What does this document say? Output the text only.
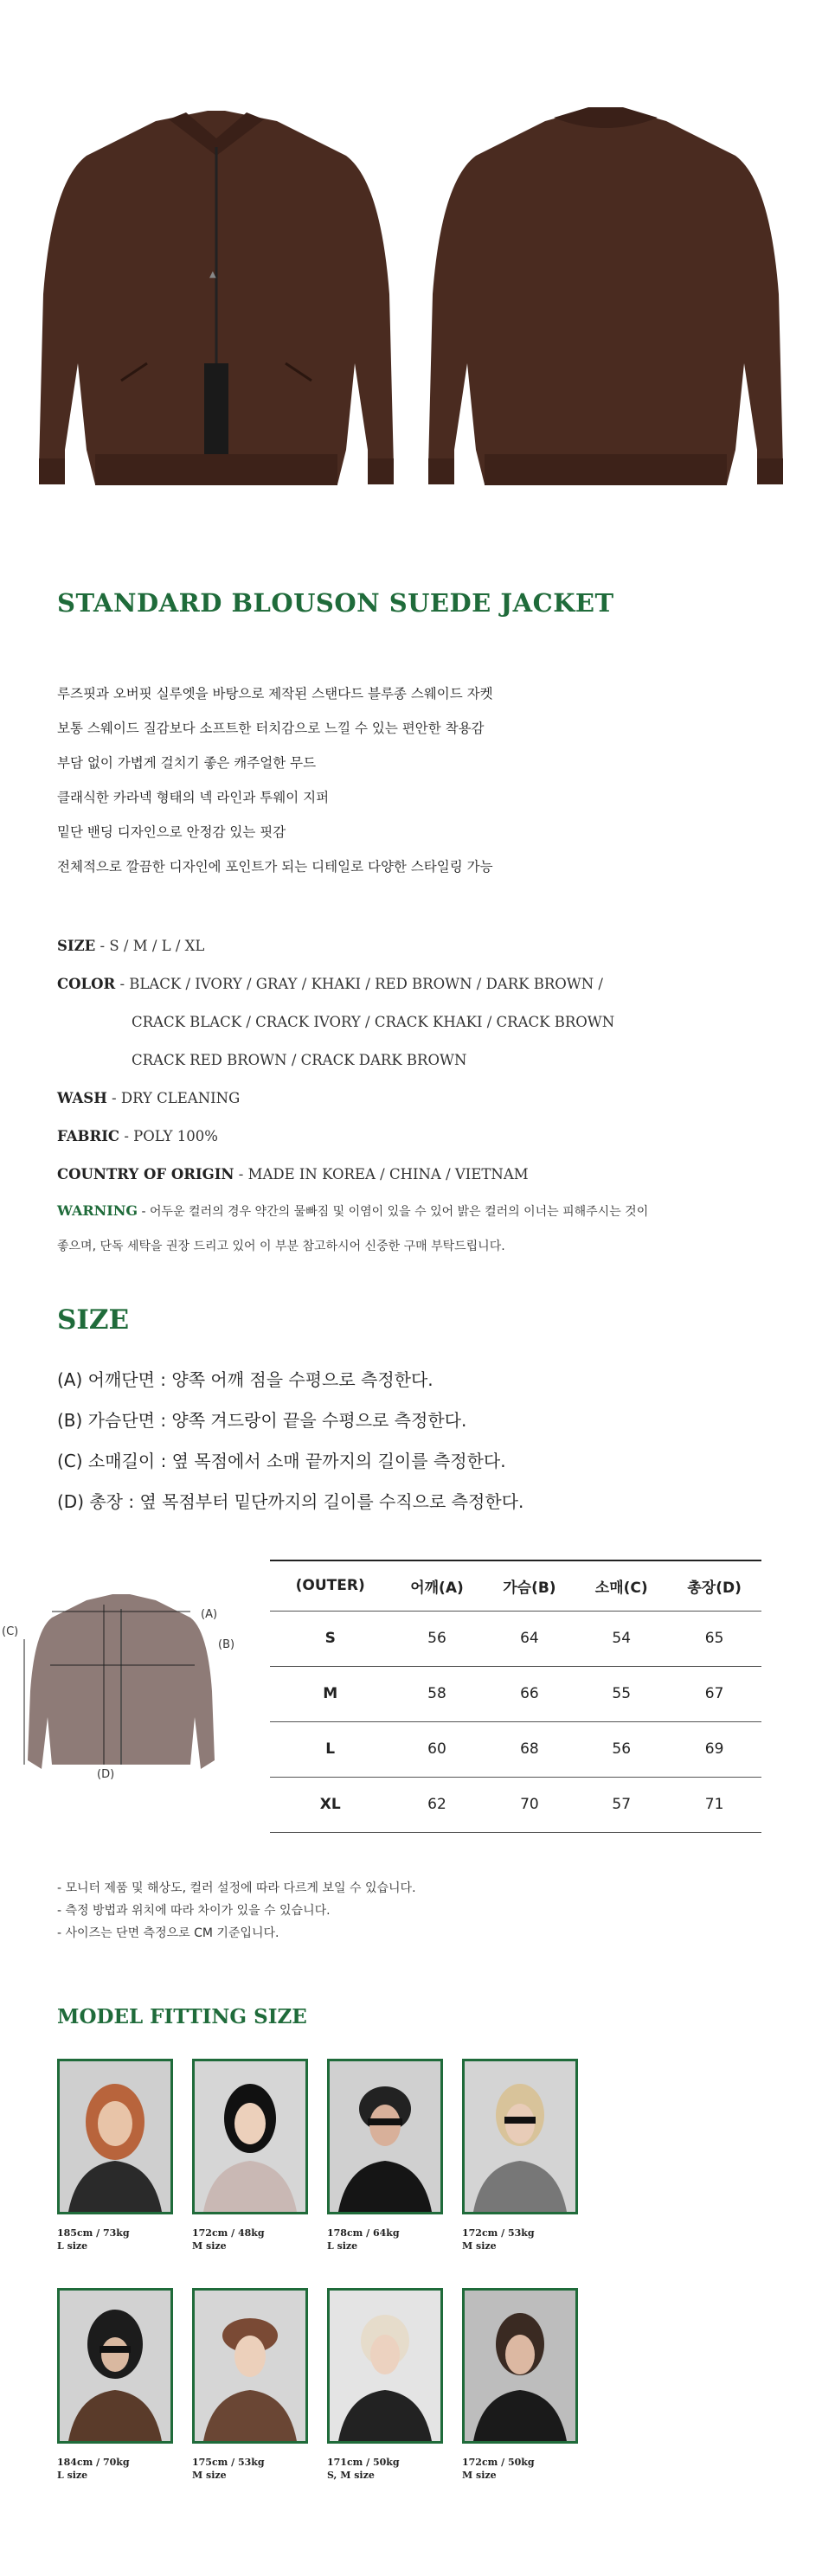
▲
STANDARD BLOUSON SUEDE JACKET
루즈핏과 오버핏 실루엣을 바탕으로 제작된 스탠다드 블루종 스웨이드 자켓
보통 스웨이드 질감보다 소프트한 터치감으로 느낄 수 있는 편안한 착용감
부담 없이 가볍게 걸치기 좋은 캐주얼한 무드
클래식한 카라넥 형태의 넥 라인과 투웨이 지퍼
밑단 밴딩 디자인으로 안정감 있는 핏감
전체적으로 깔끔한 디자인에 포인트가 되는 디테일로 다양한 스타일링 가능
SIZE - S / M / L / XL
COLOR - BLACK / IVORY / GRAY / KHAKI / RED BROWN / DARK BROWN /
CRACK BLACK / CRACK IVORY / CRACK KHAKI / CRACK BROWN
CRACK RED BROWN / CRACK DARK BROWN
WASH - DRY CLEANING
FABRIC - POLY 100%
COUNTRY OF ORIGIN - MADE IN KOREA / CHINA / VIETNAM
WARNING - 어두운 컬러의 경우 약간의 물빠짐 및 이염이 있을 수 있어 밝은 컬러의 이너는 피해주시는 것이
좋으며, 단독 세탁을 권장 드리고 있어 이 부분 참고하시어 신중한 구매 부탁드립니다.
SIZE
(A) 어깨단면 : 양쪽 어깨 점을 수평으로 측정한다.
(B) 가슴단면 : 양쪽 겨드랑이 끝을 수평으로 측정한다.
(C) 소매길이 : 옆 목점에서 소매 끝까지의 길이를 측정한다.
(D) 총장 : 옆 목점부터 밑단까지의 길이를 수직으로 측정한다.
(A)
(B)
(C)
(D)
(OUTER)	어깨(A)	가슴(B)	소매(C)	총장(D)
S	56	64	54	65
M	58	66	55	67
L	60	68	56	69
XL	62	70	57	71
- 모니터 제품 및 해상도, 컬러 설정에 따라 다르게 보일 수 있습니다.
- 측정 방법과 위치에 따라 차이가 있을 수 있습니다.
- 사이즈는 단면 측정으로 CM 기준입니다.
MODEL FITTING SIZE
185cm / 73kg
L size
172cm / 48kg
M size
178cm / 64kg
L size
172cm / 53kg
M size
184cm / 70kg
L size
175cm / 53kg
M size
171cm / 50kg
S, M size
172cm / 50kg
M size
